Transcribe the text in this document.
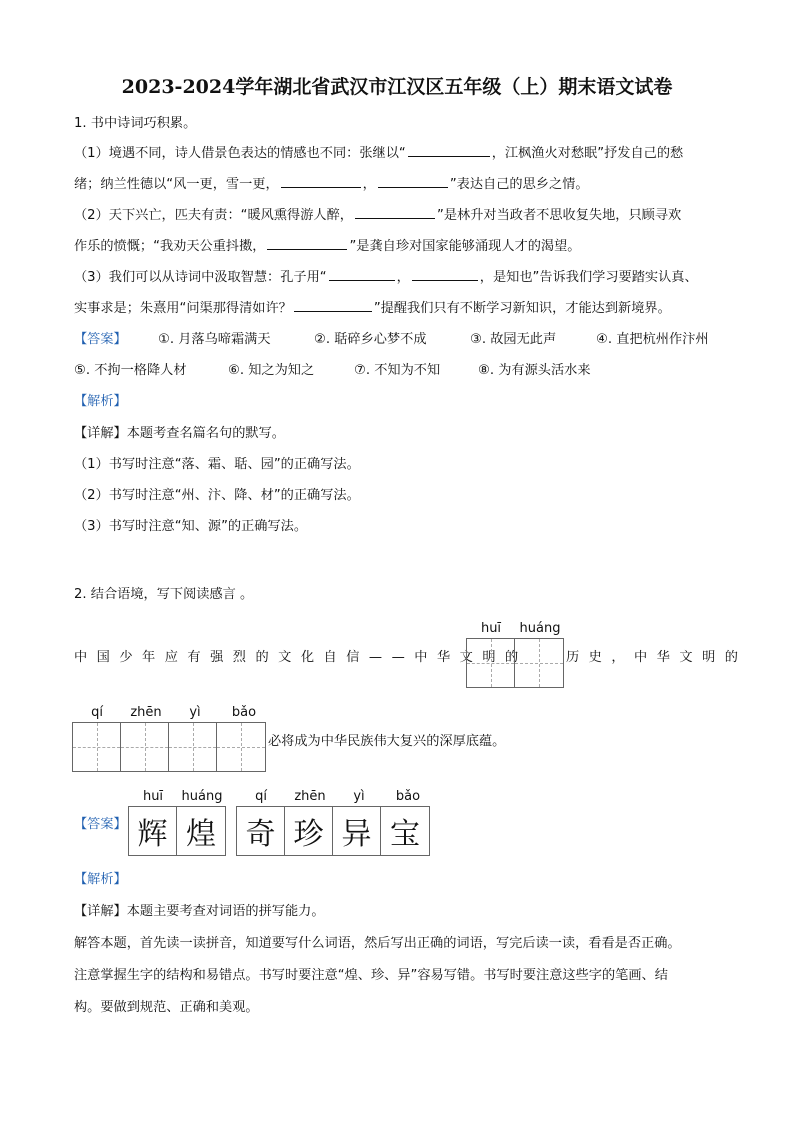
2023-2024学年湖北省武汉市江汉区五年级（上）期末语文试卷
1. 书中诗词巧积累。
（1）境遇不同，诗人借景色表达的情感也不同：张继以“	，江枫渔火对愁眠”抒发自己的愁
绪；纳兰性德以“风一更，雪一更，	，	”表达自己的思乡之情。
（2）天下兴亡，匹夫有责：“暖风熏得游人醉，	”是林升对当政者不思收复失地，只顾寻欢
作乐的愤慨；“我劝天公重抖擞，	”是龚自珍对国家能够涌现人才的渴望。
（3）我们可以从诗词中汲取智慧：孔子用“	，	，是知也”告诉我们学习要踏实认真、
实事求是；朱熹用“问渠那得清如许？	”提醒我们只有不断学习新知识，才能达到新境界。
【答案】 ①. 月落乌啼霜满天	②. 聒碎乡心梦不成	③. 故园无此声	④. 直把杭州作汴州
⑤. 不拘一格降人材	⑥. 知之为知之	⑦. 不知为不知	⑧. 为有源头活水来
【解析】
【详解】本题考查名篇名句的默写。
（1）书写时注意“落、霜、聒、园”的正确写法。
（2）书写时注意“州、汴、降、材”的正确写法。
（3）书写时注意“知、源”的正确写法。
2. 结合语境，写下阅读感言 。
中国少年应有强烈的文化自信——中华文明的
huī	huáng
历史，中华文明的
qí	zhēn	yì	bǎo
必将成为中华民族伟大复兴的深厚底蕴。
【答案】
huī	huáng
辉 煌
qí	zhēn	yì	bǎo
奇 珍 异 宝
【解析】
【详解】本题主要考查对词语的拼写能力。
解答本题，首先读一读拼音，知道要写什么词语，然后写出正确的词语，写完后读一读，看看是否正确。
注意掌握生字的结构和易错点。书写时要注意“煌、珍、异”容易写错。书写时要注意这些字的笔画、结
构。要做到规范、正确和美观。
